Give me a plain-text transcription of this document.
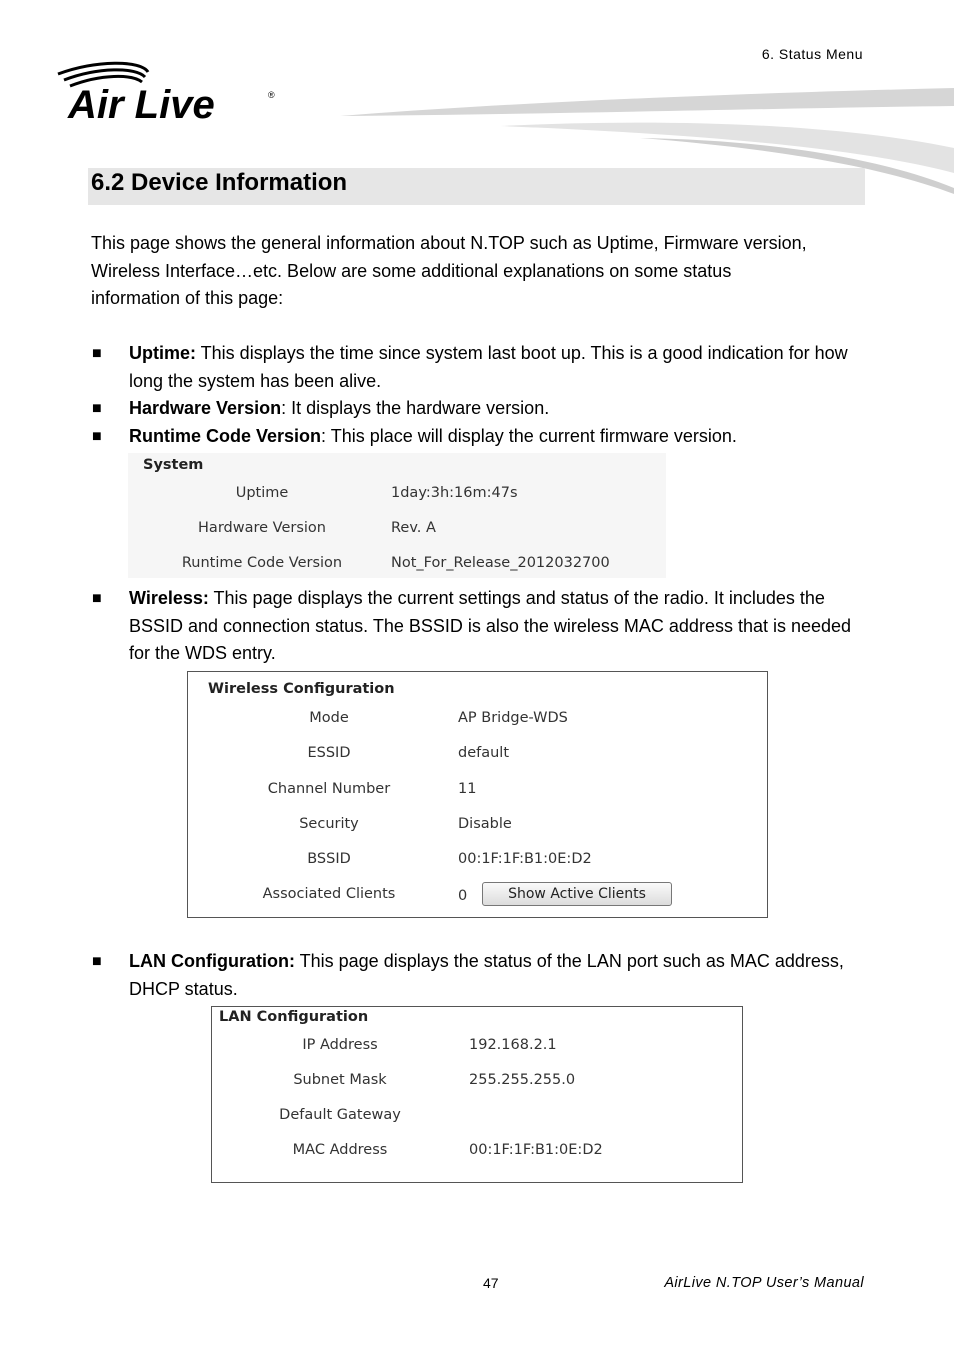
6. Status Menu
Air Live	®
6.2 Device Information
This page shows the general information about N.TOP such as Uptime, Firmware version,
Wireless Interface…etc. Below are some additional explanations on some status
information of this page:
■ Uptime: This displays the time since system last boot up. This is a good indication for how long the system has been alive.
■ Hardware Version: It displays the hardware version.
■ Runtime Code Version: This place will display the current firmware version.
System
Uptime	1day:3h:16m:47s
Hardware Version	Rev. A
Runtime Code Version	Not_For_Release_2012032700
■ Wireless: This page displays the current settings and status of the radio. It includes the BSSID and connection status. The BSSID is also the wireless MAC address that is needed for the WDS entry.
Wireless Configuration
Mode	AP Bridge-WDS
ESSID	default
Channel Number	11
Security	Disable
BSSID	00:1F:1F:B1:0E:D2
Associated Clients	0	Show Active Clients
■ LAN Configuration: This page displays the status of the LAN port such as MAC address, DHCP status.
LAN Configuration
IP Address	192.168.2.1
Subnet Mask	255.255.255.0
Default Gateway
MAC Address	00:1F:1F:B1:0E:D2
47	AirLive N.TOP User’s Manual
